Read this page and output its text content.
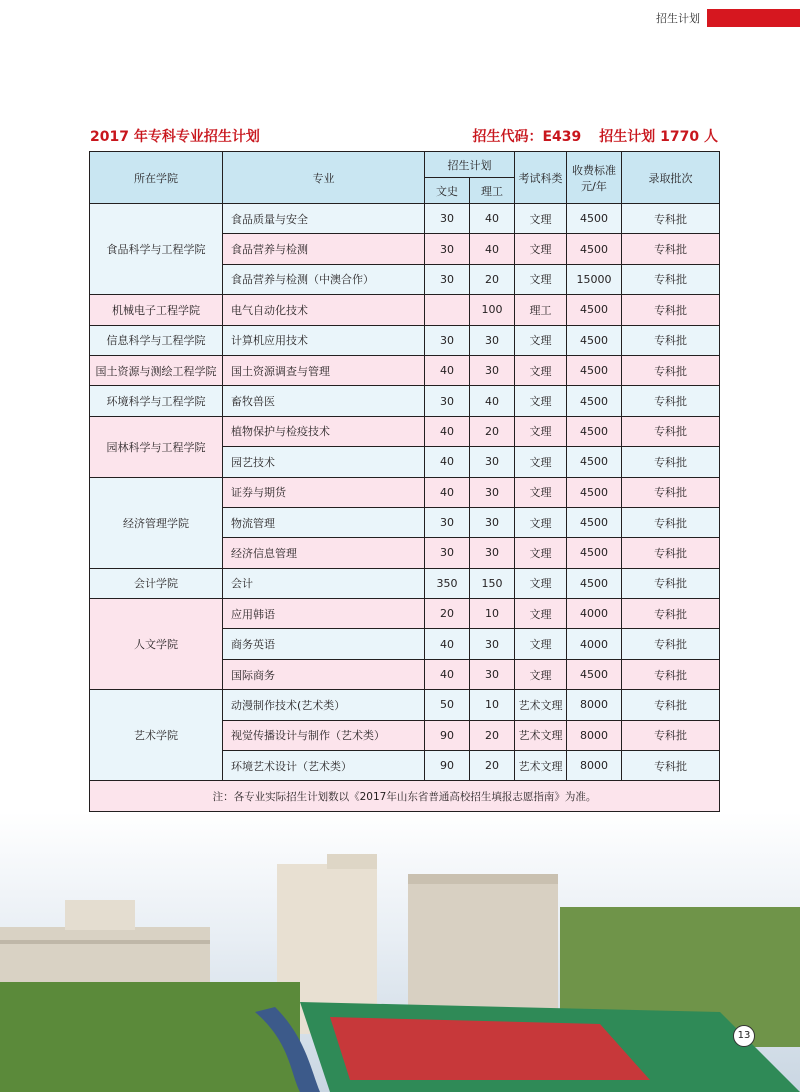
招生计划
2017 年专科专业招生计划	招生代码：E439 招生计划 1770 人
所在学院	专业	招生计划		考试科类	收费标准
元/年	录取批次
		文史	理工			
食品科学与工程学院	食品质量与安全	30	40	文理	4500	专科批
	食品营养与检测	30	40	文理	4500	专科批
	食品营养与检测（中澳合作）	30	20	文理	15000	专科批
机械电子工程学院	电气自动化技术		100	理工	4500	专科批
信息科学与工程学院	计算机应用技术	30	30	文理	4500	专科批
国土资源与测绘工程学院	国土资源调查与管理	40	30	文理	4500	专科批
环境科学与工程学院	畜牧兽医	30	40	文理	4500	专科批
园林科学与工程学院	植物保护与检疫技术	40	20	文理	4500	专科批
	园艺技术	40	30	文理	4500	专科批
经济管理学院	证券与期货	40	30	文理	4500	专科批
	物流管理	30	30	文理	4500	专科批
	经济信息管理	30	30	文理	4500	专科批
会计学院	会计	350	150	文理	4500	专科批
人文学院	应用韩语	20	10	文理	4000	专科批
	商务英语	40	30	文理	4000	专科批
	国际商务	40	30	文理	4500	专科批
艺术学院	动漫制作技术(艺术类）	50	10	艺术文理	8000	专科批
	视觉传播设计与制作（艺术类）	90	20	艺术文理	8000	专科批
	环境艺术设计（艺术类）	90	20	艺术文理	8000	专科批
注：各专业实际招生计划数以《2017年山东省普通高校招生填报志愿指南》为准。						
13
